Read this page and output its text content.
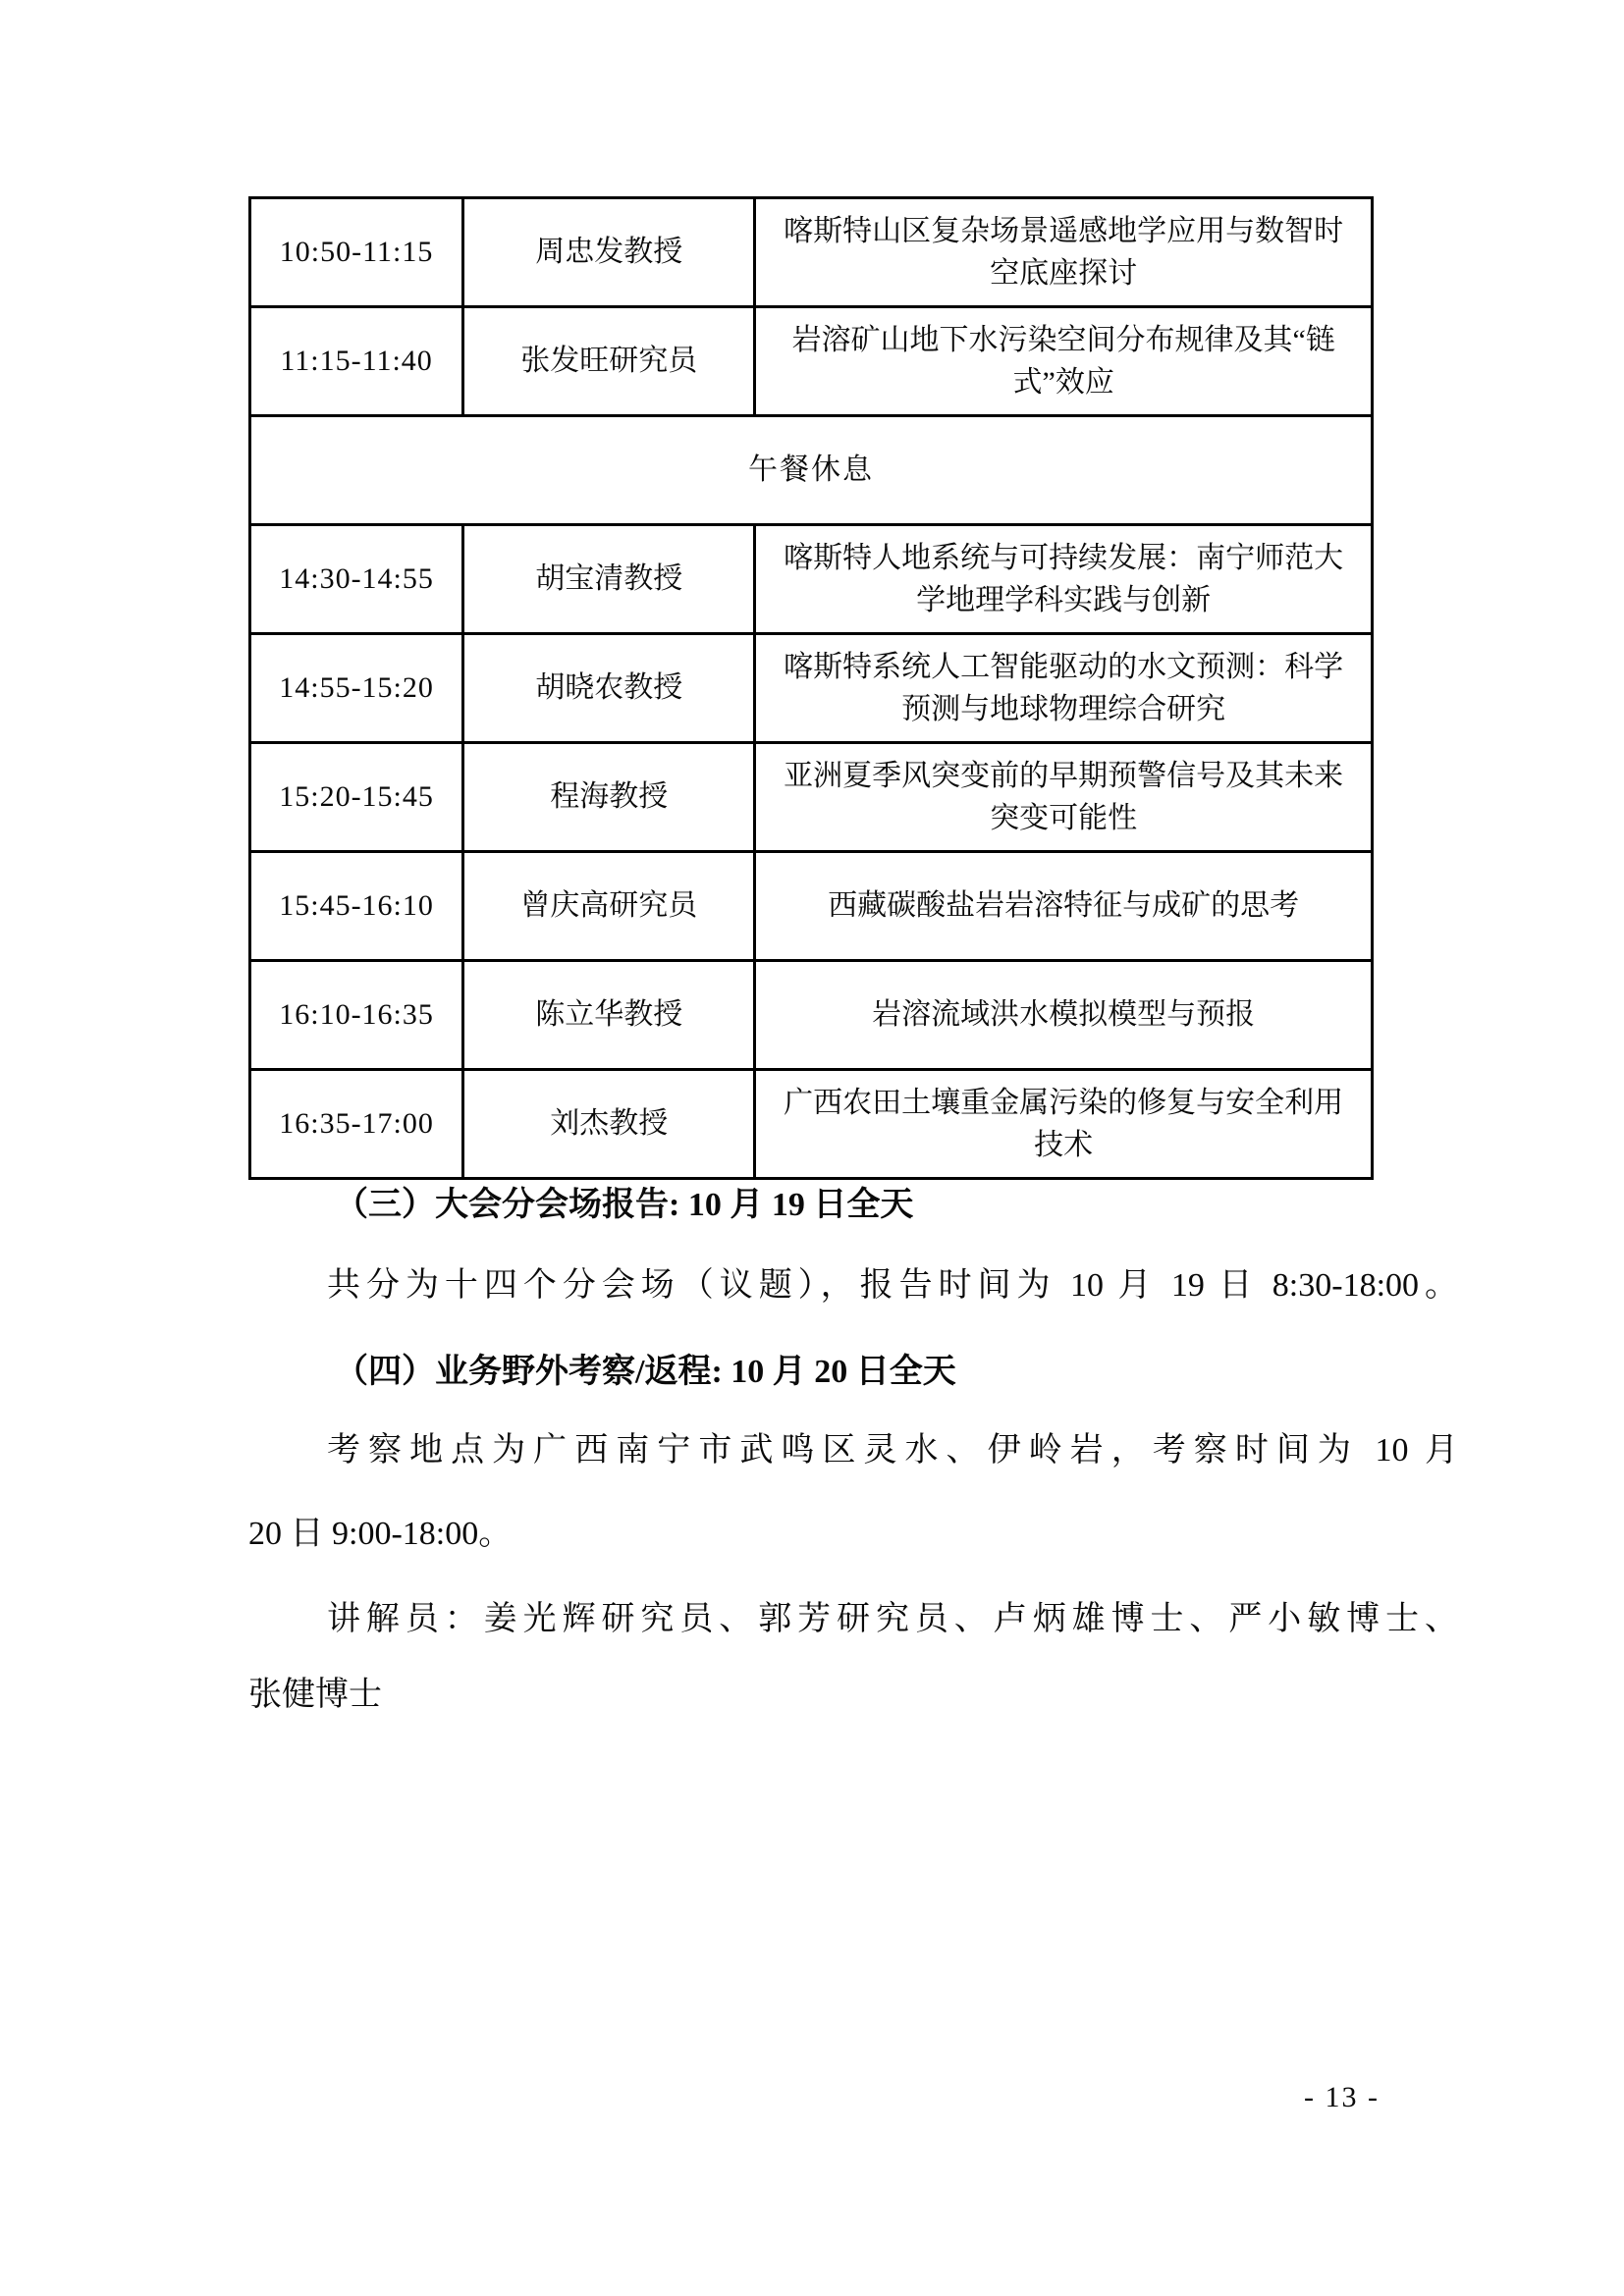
10:50-11:15	周忠发教授	喀斯特山区复杂场景遥感地学应用与数智时空底座探讨
11:15-11:40	张发旺研究员	岩溶矿山地下水污染空间分布规律及其“链式”效应
午餐休息		
14:30-14:55	胡宝清教授	喀斯特人地系统与可持续发展：南宁师范大学地理学科实践与创新
14:55-15:20	胡晓农教授	喀斯特系统人工智能驱动的水文预测：科学预测与地球物理综合研究
15:20-15:45	程海教授	亚洲夏季风突变前的早期预警信号及其未来突变可能性
15:45-16:10	曾庆高研究员	西藏碳酸盐岩岩溶特征与成矿的思考
16:10-16:35	陈立华教授	岩溶流域洪水模拟模型与预报
16:35-17:00	刘杰教授	广西农田土壤重金属污染的修复与安全利用技术
（三）大会分会场报告: 10 月 19 日全天
共分为十四个分会场（议题），报告时间为 10 月 19 日 8:30-18:00。
（四）业务野外考察/返程: 10 月 20 日全天
考察地点为广西南宁市武鸣区灵水、伊岭岩，考察时间为 10 月
20 日 9:00-18:00。
讲解员：姜光辉研究员、郭芳研究员、卢炳雄博士、严小敏博士、
张健博士
- 13 -
